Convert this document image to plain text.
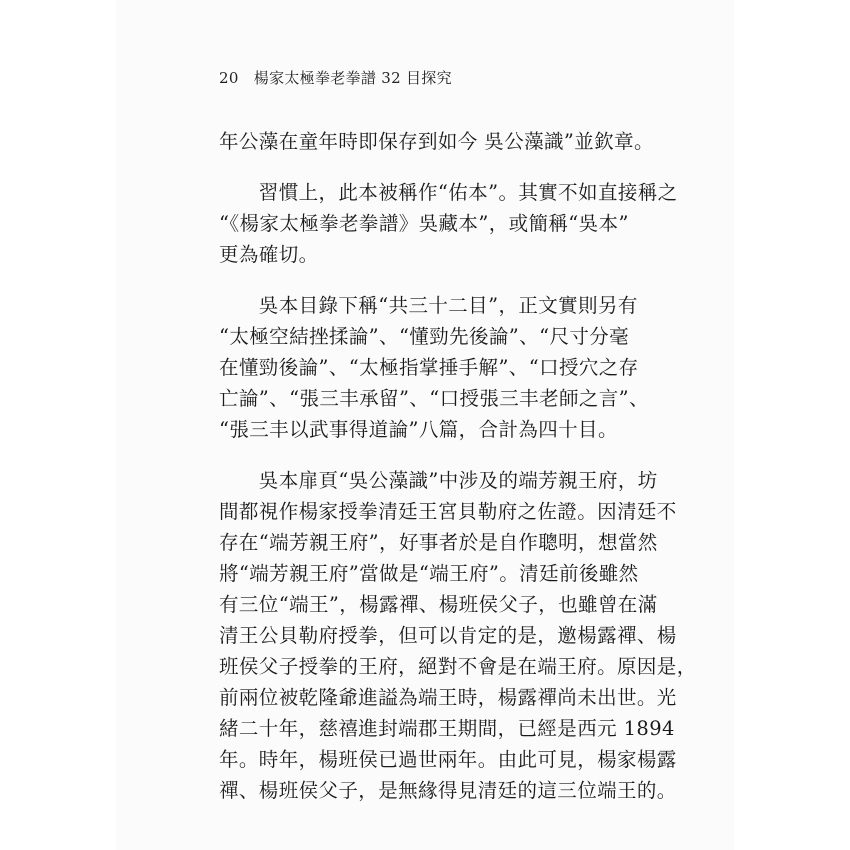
20 楊家太極拳老拳譜 32 目探究
年公藻在童年時即保存到如今 吳公藻識”並欽章。
　　習慣上，此本被稱作“佑本”。其實不如直接稱之
“《楊家太極拳老拳譜》吳藏本”，或簡稱“吳本”
更為確切。
　　吳本目錄下稱“共三十二目”，正文實則另有
“太極空結挫揉論”、“懂勁先後論”、“尺寸分毫
在懂勁後論”、“太極指掌捶手解”、“口授穴之存
亡論”、“張三丰承留”、“口授張三丰老師之言”、
“張三丰以武事得道論”八篇，合計為四十目。
　　吳本扉頁“吳公藻識”中涉及的端芳親王府，坊
間都視作楊家授拳清廷王宮貝勒府之佐證。因清廷不
存在“端芳親王府”，好事者於是自作聰明，想當然
將“端芳親王府”當做是“端王府”。清廷前後雖然
有三位“端王”，楊露禪、楊班侯父子，也雖曾在滿
清王公貝勒府授拳，但可以肯定的是，邀楊露禪、楊
班侯父子授拳的王府，絕對不會是在端王府。原因是，
前兩位被乾隆爺進謚為端王時，楊露禪尚未出世。光
緒二十年，慈禧進封端郡王期間，已經是西元 1894
年。時年，楊班侯已過世兩年。由此可見，楊家楊露
禪、楊班侯父子，是無緣得見清廷的這三位端王的。
